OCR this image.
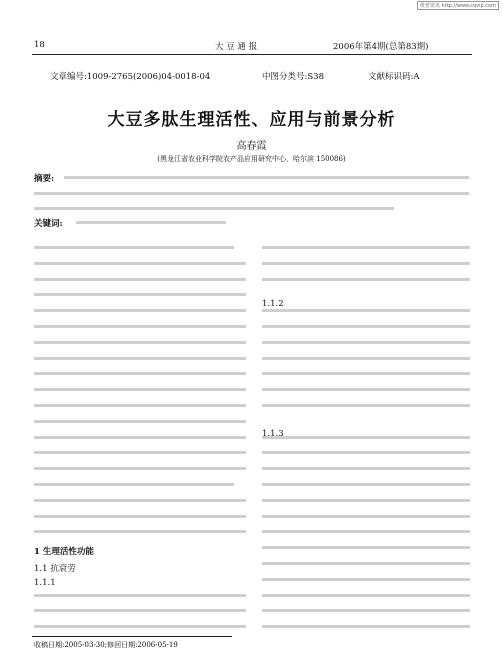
维普资讯 http://www.cqvip.com
18	大 豆 通 报	2006年第4期(总第83期)
文章编号:1009-2765(2006)04-0018-04	中图分类号:S38	文献标识码:A
大豆多肽生理活性、应用与前景分析
高春霞
(黑龙江省农业科学院农产品应用研究中心，哈尔滨 150086)
摘要:
关键词:
1 生理活性功能
1.1 抗衰劳
1.1.1
1.1.2
1.1.3
收稿日期:2005-03-30;修回日期:2006-05-19
